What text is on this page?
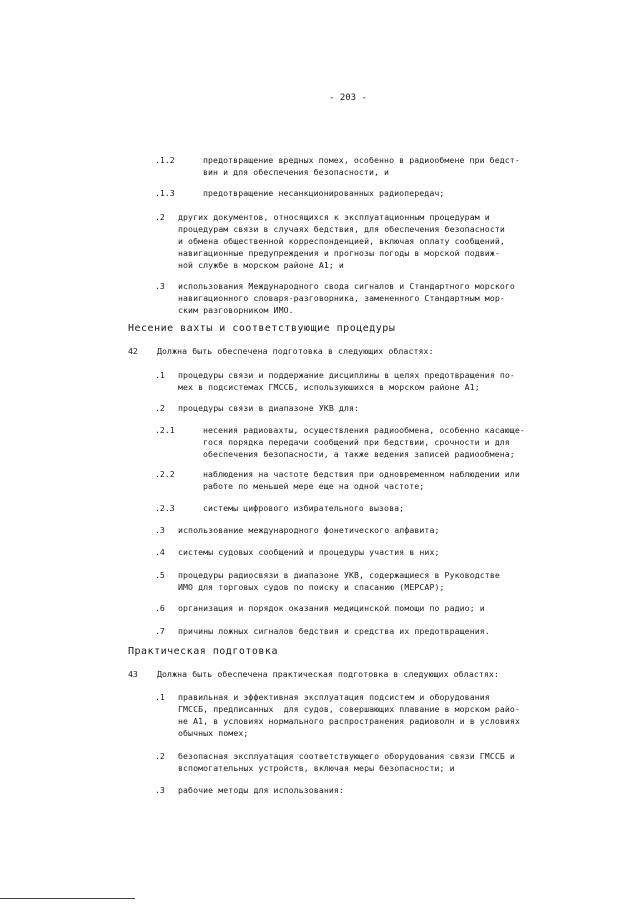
- 203 -
.1.2	предотвращение вредных помех, особенно в радиообмене при бедст-
вин и для обеспечения безопасности, и
.1.3	предотвращение несанкционированных радиопередач;
.2 других документов, относящихся к эксплуатационным процедурам и
процедурам связи в случаях бедствия, для обеспечения безопасности
и обмена общественной корреспонденцией, включая оплату сообщений,
навигационные предупреждения и прогнозы погоды в морской подвиж-
ной службе в морском районе А1; и
.3 использования Международного свода сигналов и Стандартного морского
навигационного словаря-разговорника, замененного Стандартным мор-
ским разговорником ИМО.
Несение вахты и соответствующие процедуры
42 Должна быть обеспечена подготовка в следующих областях:
.1 процедуры связи и поддержание дисциплины в целях предотвращения по-
мех в подсистемах ГМССБ, используюшихся в морском районе А1;
.2 процедуры связи в диапазоне УКВ для:
.2.1	несения радиовахты, осуществления радиообмена, особенно касающе-
гося порядка передачи сообщений при бедствии, срочности и для
обеспечения безопасности, а также ведения записей радиообмена;
.2.2	наблюдения на частоте бедствия при одновременном наблюдении или
работе по меньшей мере еще на одной частоте;
.2.3	системы цифрового избирательного вызова;
.3 использование международного фонетического алфавита;
.4 системы судовых сообщений и процедуры участия в них;
.5 процедуры радиосвязи в диапазоне УКВ, содержащиеся в Руководстве
ИМО для торговых судов по поиску и спасанию (МЕРСАР);
.6 организация и порядок оказания медицинской помощи по радио; и
.7 причины ложных сигналов бедствия и средства их предотвращения.
Практическая подготовка
43 Должна быть обеспечена практическая подготовка в следующих областях:
.1 правильная и эффективная эксплуатация подсистем и оборудования
ГМССБ, предписанных  для судов, совершающих плавание в морском райо-
не А1, в условиях нормального распространения радиоволн и в условиях
обычных помех;
.2 безопасная эксплуатация соответствующего оборудования связи ГМССБ и
вспомогательных устройств, включая меры безопасности; и
.3 рабочие методы для использования:
